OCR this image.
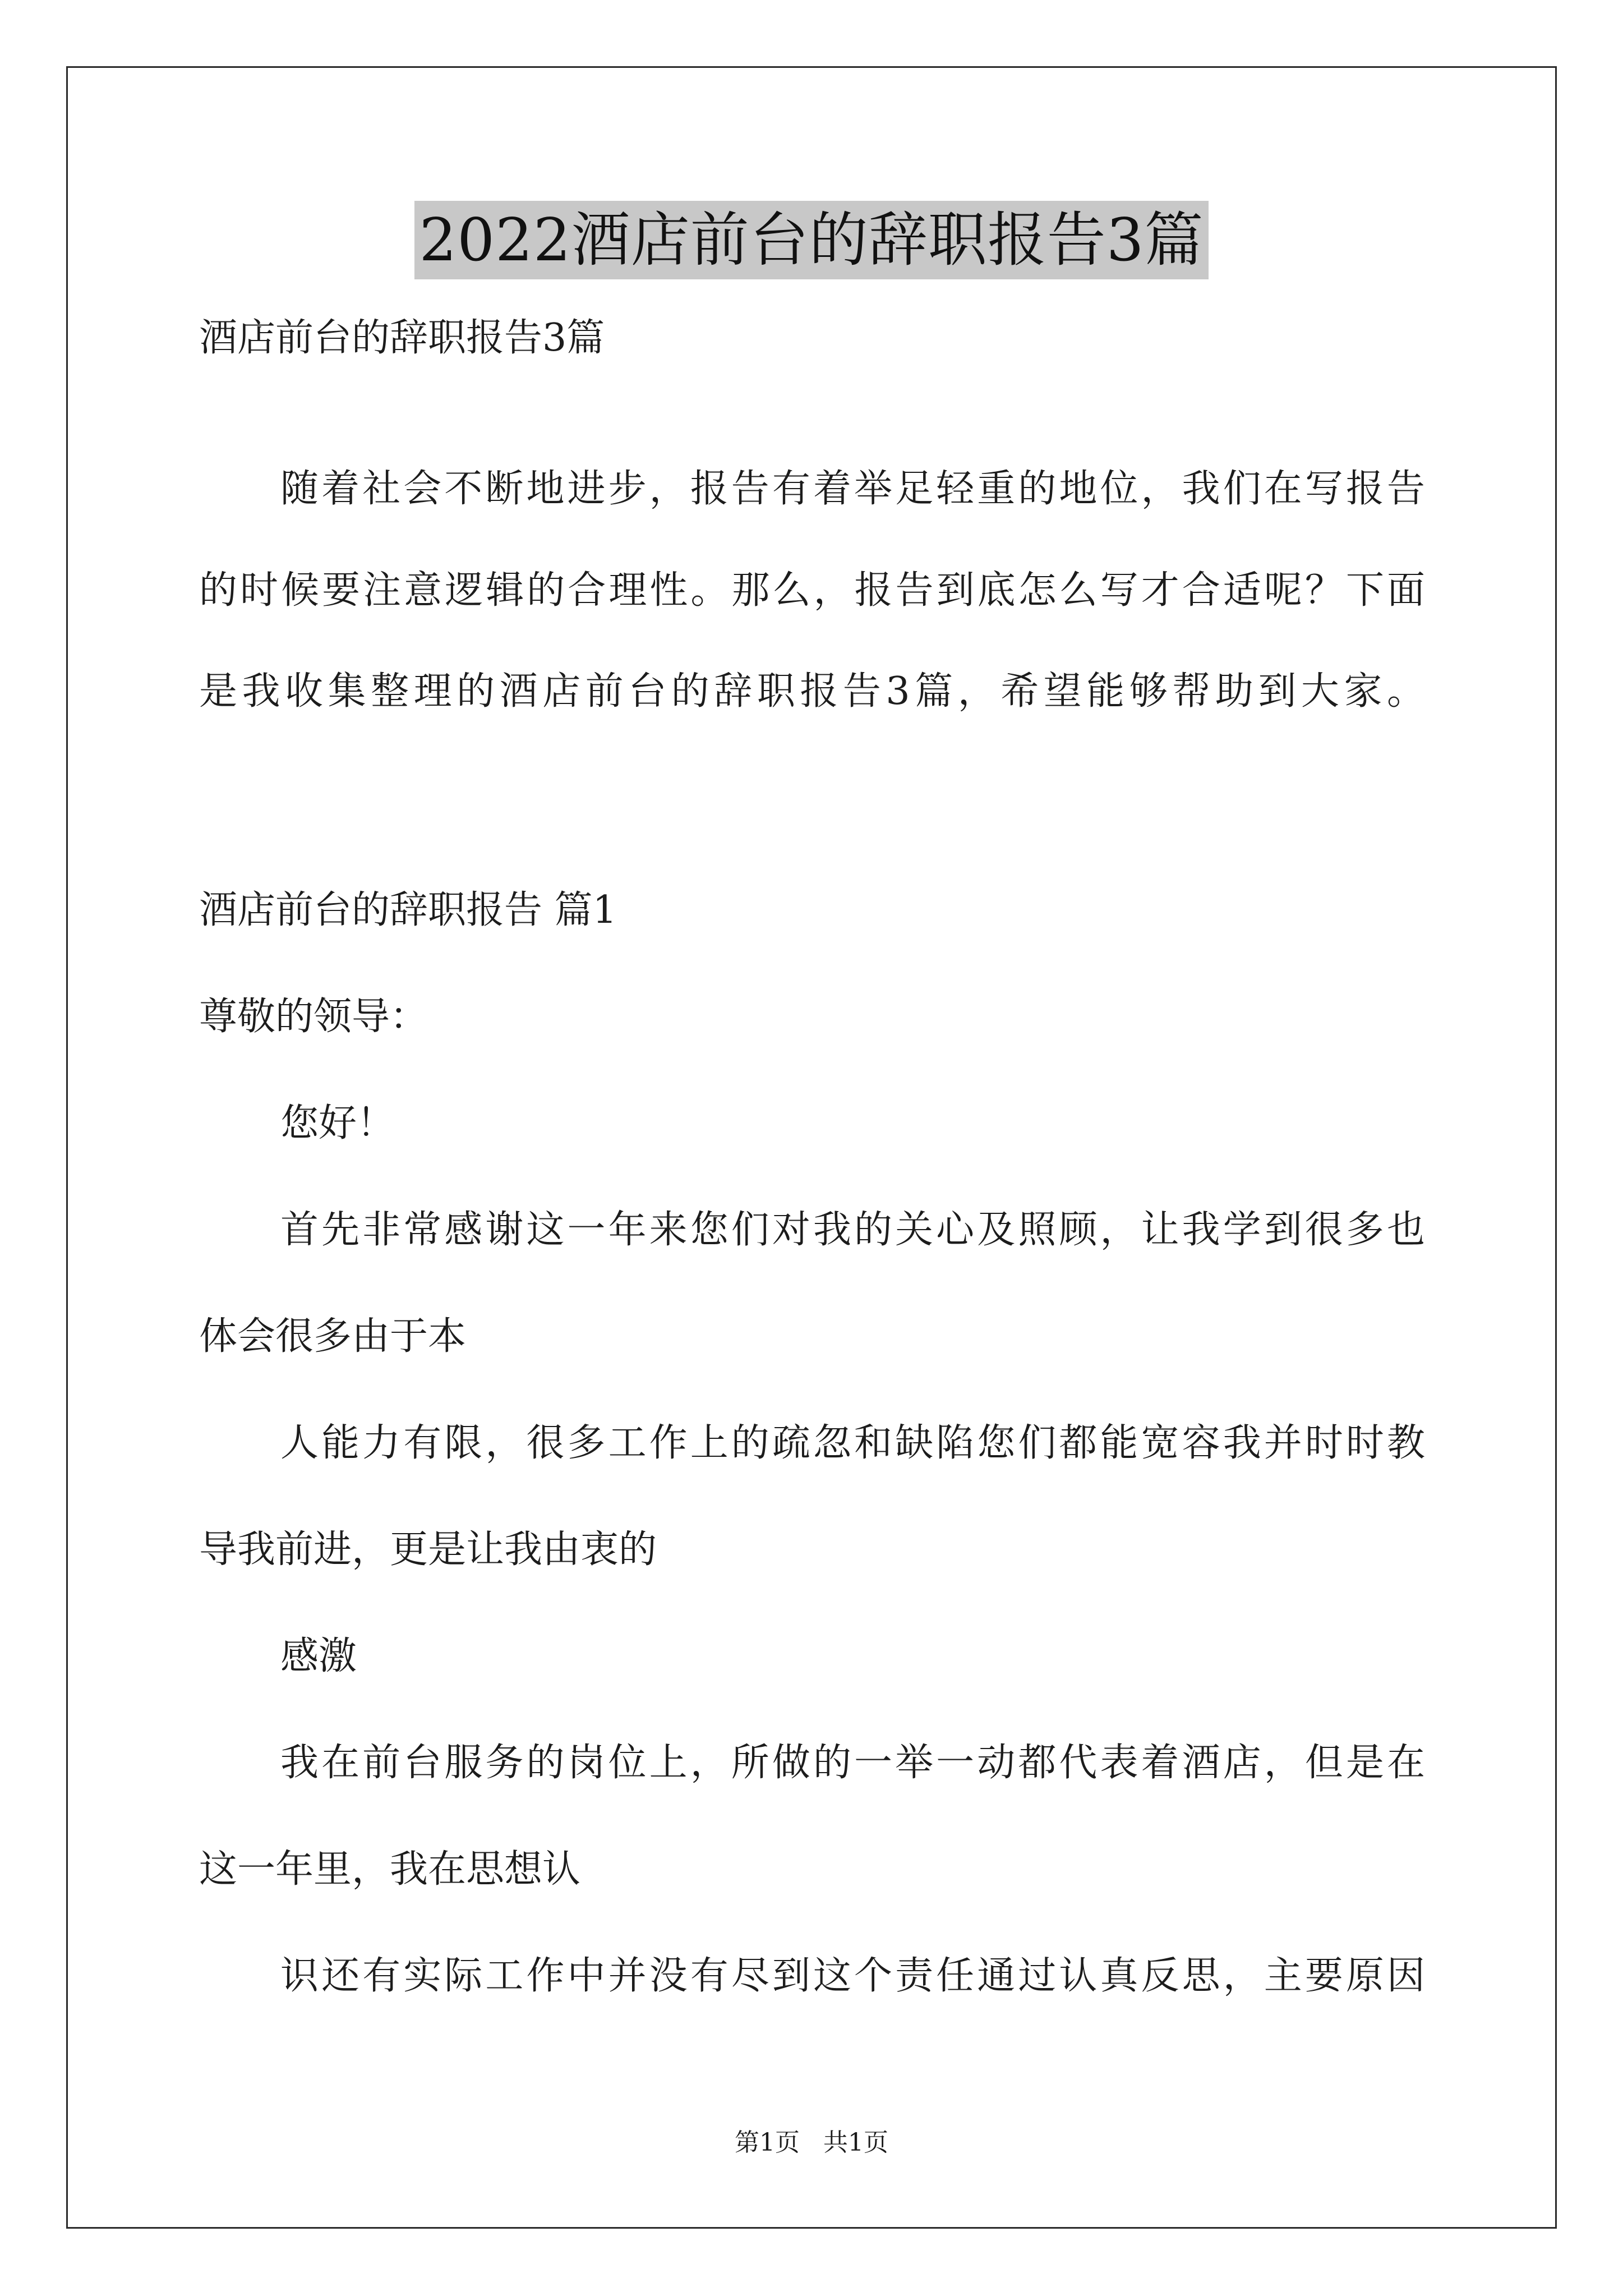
2022酒店前台的辞职报告3篇
酒店前台的辞职报告3篇
随着社会不断地进步，报告有着举足轻重的地位，我们在写报告
的时候要注意逻辑的合理性。那么，报告到底怎么写才合适呢？下面
是我收集整理的酒店前台的辞职报告3篇，希望能够帮助到大家。
酒店前台的辞职报告 篇1
尊敬的领导：
您好！
首先非常感谢这一年来您们对我的关心及照顾，让我学到很多也
体会很多由于本
人能力有限，很多工作上的疏忽和缺陷您们都能宽容我并时时教
导我前进，更是让我由衷的
感激
我在前台服务的岗位上，所做的一举一动都代表着酒店，但是在
这一年里，我在思想认
识还有实际工作中并没有尽到这个责任通过认真反思，主要原因
第1页   共1页
